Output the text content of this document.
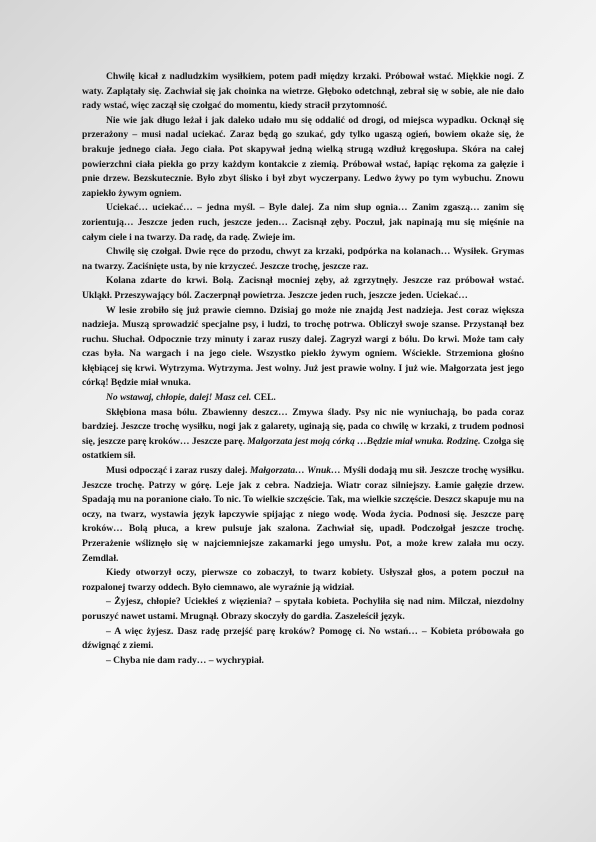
Chwilę kicał z nadludzkim wysiłkiem, potem padł między krzaki. Próbował wstać. Miękkie nogi. Z waty. Zaplątały się. Zachwiał się jak choinka na wietrze. Głęboko odetchnął, zebrał się w sobie, ale nie dało rady wstać, więc zaczął się czołgać do momentu, kiedy stracił przytomność.

Nie wie jak długo leżał i jak daleko udało mu się oddalić od drogi, od miejsca wypadku. Ocknął się przerażony – musi nadal uciekać. Zaraz będą go szukać, gdy tylko ugaszą ogień, bowiem okaże się, że brakuje jednego ciała. Jego ciała. Pot skapywał jedną wielką strugą wzdłuż kręgosłupa. Skóra na całej powierzchni ciała piekła go przy każdym kontakcie z ziemią. Próbował wstać, łapiąc rękoma za gałęzie i pnie drzew. Bezskutecznie. Było zbyt ślisko i był zbyt wyczerpany. Ledwo żywy po tym wybuchu. Znowu zapiekło żywym ogniem.

Uciekać… uciekać… – jedna myśl. – Byle dalej. Za nim słup ognia… Zanim zgaszą… zanim się zorientują… Jeszcze jeden ruch, jeszcze jeden… Zacisnął zęby. Poczuł, jak napinają mu się mięśnie na całym ciele i na twarzy. Da radę, da radę. Zwieje im.

Chwilę się czołgał. Dwie ręce do przodu, chwyt za krzaki, podpórka na kolanach… Wysiłek. Grymas na twarzy. Zaciśnięte usta, by nie krzyczeć. Jeszcze trochę, jeszcze raz.

Kolana zdarte do krwi. Bolą. Zacisnął mocniej zęby, aż zgrzytnęły. Jeszcze raz próbował wstać. Ukląkł. Przeszywający ból. Zaczerpnął powietrza. Jeszcze jeden ruch, jeszcze jeden. Uciekać…

W lesie zrobiło się już prawie ciemno. Dzisiaj go może nie znajdą Jest nadzieja. Jest coraz większa nadzieja. Muszą sprowadzić specjalne psy, i ludzi, to trochę potrwa. Obliczył swoje szanse. Przystanął bez ruchu. Słuchał. Odpocznie trzy minuty i zaraz ruszy dalej. Zagryzł wargi z bólu. Do krwi. Może tam cały czas była. Na wargach i na jego ciele. Wszystko piekło żywym ogniem. Wściekle. Strzemiona głośno kłębiącej się krwi. Wytrzyma. Wytrzyma. Jest wolny. Już jest prawie wolny. I już wie. Małgorzata jest jego córką! Będzie miał wnuka.

No wstawaj, chłopie, dalej! Masz cel. CEL.

Skłębiona masa bólu. Zbawienny deszcz… Zmywa ślady. Psy nic nie wyniuchają, bo pada coraz bardziej. Jeszcze trochę wysiłku, nogi jak z galarety, uginają się, pada co chwilę w krzaki, z trudem podnosi się, jeszcze parę kroków… Jeszcze parę. Małgorzata jest moją córką …Będzie miał wnuka. Rodzinę. Czołga się ostatkiem sił.

Musi odpocząć i zaraz ruszy dalej. Małgorzata… Wnuk… Myśli dodają mu sił. Jeszcze trochę wysiłku. Jeszcze trochę. Patrzy w górę. Leje jak z cebra. Nadzieja. Wiatr coraz silniejszy. Łamie gałęzie drzew. Spadają mu na poranione ciało. To nic. To wielkie szczęście. Tak, ma wielkie szczęście. Deszcz skapuje mu na oczy, na twarz, wystawia język łapczywie spijając z niego wodę. Woda życia. Podnosi się. Jeszcze parę kroków… Bolą płuca, a krew pulsuje jak szalona. Zachwiał się, upadł. Podczołgał jeszcze trochę. Przerażenie wśliznęło się w najciemniejsze zakamarki jego umysłu. Pot, a może krew zalała mu oczy. Zemdlał.

Kiedy otworzył oczy, pierwsze co zobaczył, to twarz kobiety. Usłyszał głos, a potem poczuł na rozpalonej twarzy oddech. Było ciemnawo, ale wyraźnie ją widział.

– Żyjesz, chłopie? Uciekłeś z więzienia? – spytała kobieta. Pochyliła się nad nim. Milczał, niezdolny poruszyć nawet ustami. Mrugnął. Obrazy skoczyły do gardła. Zaszeleścił język.

– A więc żyjesz. Dasz radę przejść parę kroków? Pomogę ci. No wstań… – Kobieta próbowała go dźwignąć z ziemi.

– Chyba nie dam rady… – wychrypiał.
